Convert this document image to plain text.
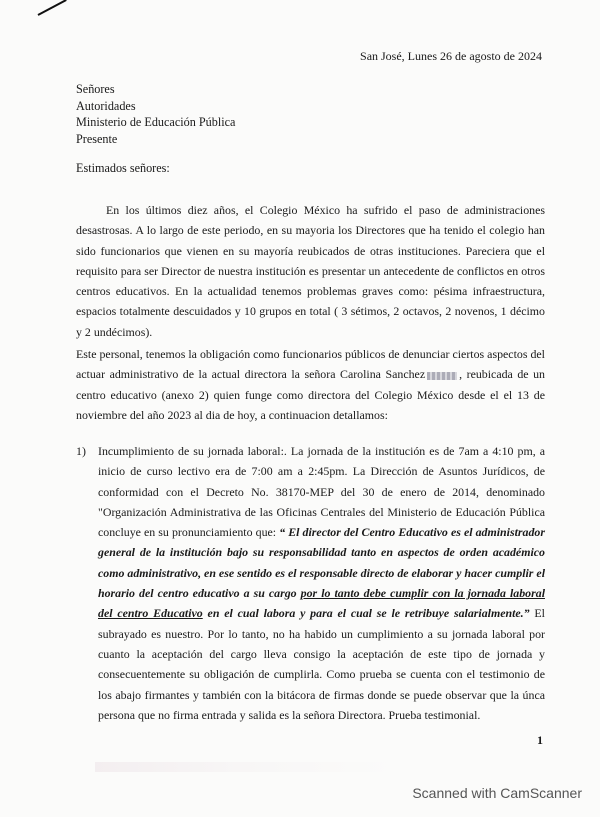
San José, Lunes 26 de agosto de 2024
Señores
Autoridades
Ministerio de Educación Pública
Presente
Estimados señores:
En los últimos diez años, el Colegio México ha sufrido el paso de administraciones desastrosas. A lo largo de este periodo, en su mayoria los Directores que ha tenido el colegio han sido funcionarios que vienen en su mayoría reubicados de otras instituciones. Pareciera que el requisito para ser Director de nuestra institución es presentar un antecedente de conflictos en otros centros educativos. En la actualidad tenemos problemas graves como: pésima infraestructura, espacios totalmente descuidados y 10 grupos en total ( 3 sétimos, 2 octavos, 2 novenos, 1 décimo y 2 undécimos).
Este personal, tenemos la obligación como funcionarios públicos de denunciar ciertos aspectos del actuar administrativo de la actual directora la señora Carolina Sanchez	, reubicada de un centro educativo (anexo 2) quien funge como directora del Colegio México desde el el 13 de noviembre del año 2023 al dia de hoy, a continuacion detallamos:
1) Incumplimiento de su jornada laboral:. La jornada de la institución es de 7am a 4:10 pm, a inicio de curso lectivo era de 7:00 am a 2:45pm. La Dirección de Asuntos Jurídicos, de conformidad con el Decreto No. 38170-MEP del 30 de enero de 2014, denominado "Organización Administrativa de las Oficinas Centrales del Ministerio de Educación Pública concluye en su pronunciamiento que: “ El director del Centro Educativo es el administrador general de la institución bajo su responsabilidad tanto en aspectos de orden académico como administrativo, en ese sentido es el responsable directo de elaborar y hacer cumplir el horario del centro educativo a su cargo por lo tanto debe cumplir con la jornada laboral del centro Educativo en el cual labora y para el cual se le retribuye salarialmente.” El subrayado es nuestro. Por lo tanto, no ha habido un cumplimiento a su jornada laboral por cuanto la aceptación del cargo lleva consigo la aceptación de este tipo de jornada y consecuentemente su obligación de cumplirla. Como prueba se cuenta con el testimonio de los abajo firmantes y también con la bitácora de firmas donde se puede observar que la únca persona que no firma entrada y salida es la señora Directora. Prueba testimonial.
1
Scanned with CamScanner
